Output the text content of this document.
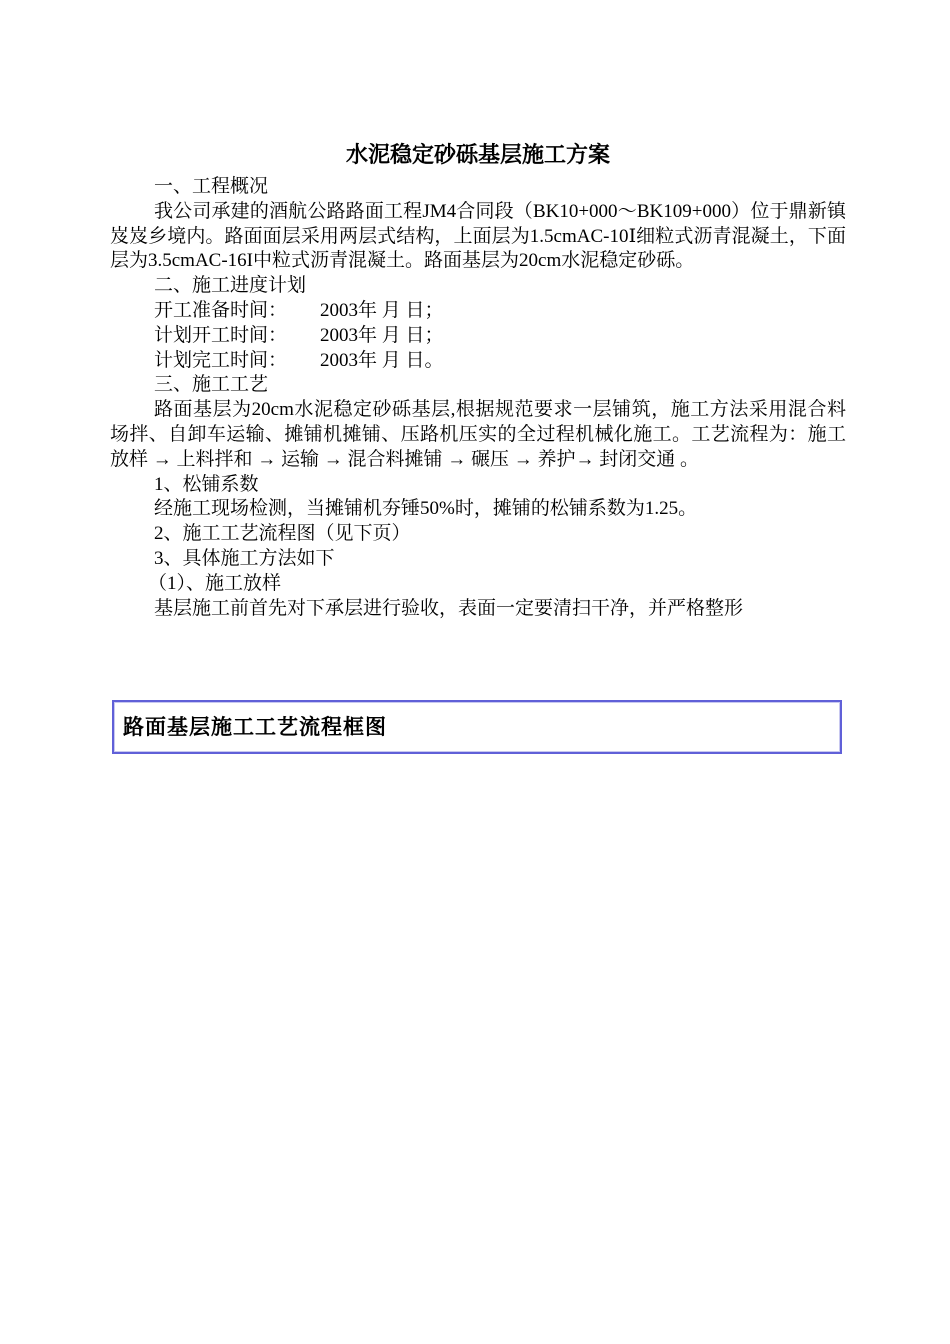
水泥稳定砂砾基层施工方案

一、工程概况

我公司承建的酒航公路路面工程JM4合同段（BK10+000～BK109+000）位于鼎新镇岌岌乡境内。路面面层采用两层式结构，上面层为1.5cmAC-10Ⅰ细粒式沥青混凝土，下面层为3.5cmAC-16I中粒式沥青混凝土。路面基层为20cm水泥稳定砂砾。

二、施工进度计划

开工准备时间： 2003年 月 日；
计划开工时间： 2003年 月 日；
计划完工时间： 2003年 月 日。

三、施工工艺

路面基层为20cm水泥稳定砂砾基层,根据规范要求一层铺筑，施工方法采用混合料场拌、自卸车运输、摊铺机摊铺、压路机压实的全过程机械化施工。工艺流程为：施工放样 → 上料拌和 → 运输 → 混合料摊铺 → 碾压 → 养护→ 封闭交通 。

1、松铺系数

经施工现场检测，当摊铺机夯锤50%时，摊铺的松铺系数为1.25。

2、施工工艺流程图（见下页）

3、具体施工方法如下

（1）、施工放样

基层施工前首先对下承层进行验收，表面一定要清扫干净，并严格整形

路面基层施工工艺流程框图
